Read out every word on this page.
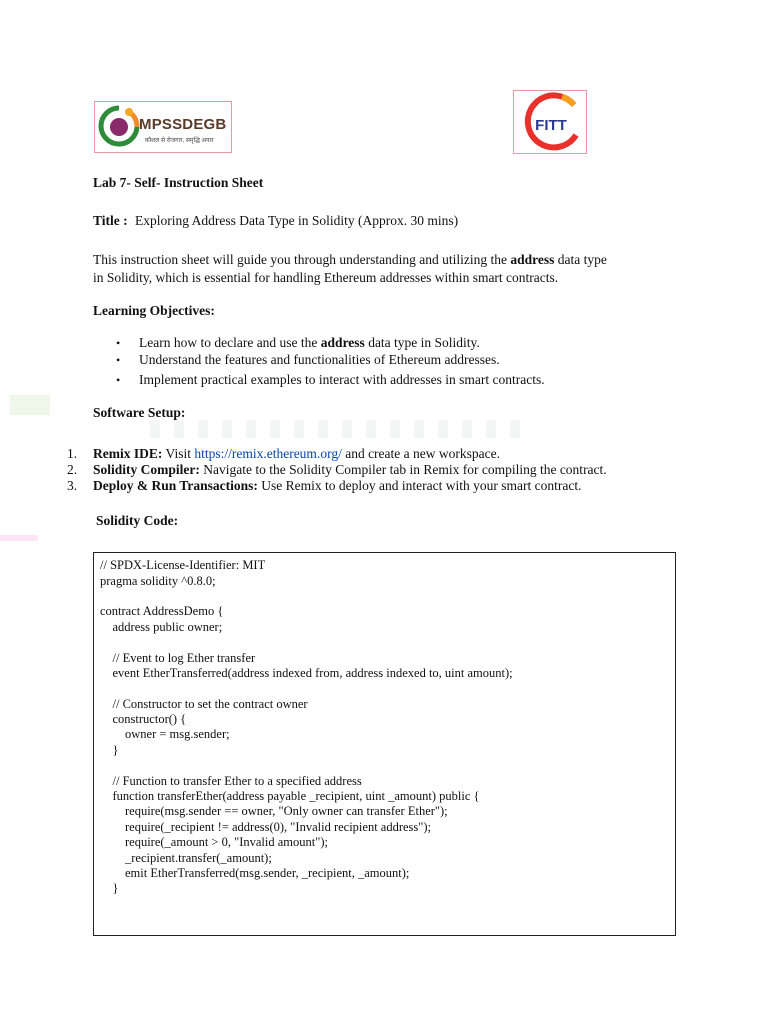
MPSSDEGB
कौशल से रोजगार, समृद्धि अपार
FITT
Lab 7- Self- Instruction Sheet
Title : Exploring Address Data Type in Solidity (Approx. 30 mins)
This instruction sheet will guide you through understanding and utilizing the address data type
in Solidity, which is essential for handling Ethereum addresses within smart contracts.
Learning Objectives:
• Learn how to declare and use the address data type in Solidity.
• Understand the features and functionalities of Ethereum addresses.
• Implement practical examples to interact with addresses in smart contracts.
Software Setup:
1. Remix IDE: Visit https://remix.ethereum.org/ and create a new workspace.
2. Solidity Compiler: Navigate to the Solidity Compiler tab in Remix for compiling the contract.
3. Deploy & Run Transactions: Use Remix to deploy and interact with your smart contract.
Solidity Code:
// SPDX-License-Identifier: MIT
pragma solidity ^0.8.0;
contract AddressDemo {
address public owner;
// Event to log Ether transfer
event EtherTransferred(address indexed from, address indexed to, uint amount);
// Constructor to set the contract owner
constructor() {
owner = msg.sender;
}
// Function to transfer Ether to a specified address
function transferEther(address payable _recipient, uint _amount) public {
require(msg.sender == owner, "Only owner can transfer Ether");
require(_recipient != address(0), "Invalid recipient address");
require(_amount > 0, "Invalid amount");
_recipient.transfer(_amount);
emit EtherTransferred(msg.sender, _recipient, _amount);
}
